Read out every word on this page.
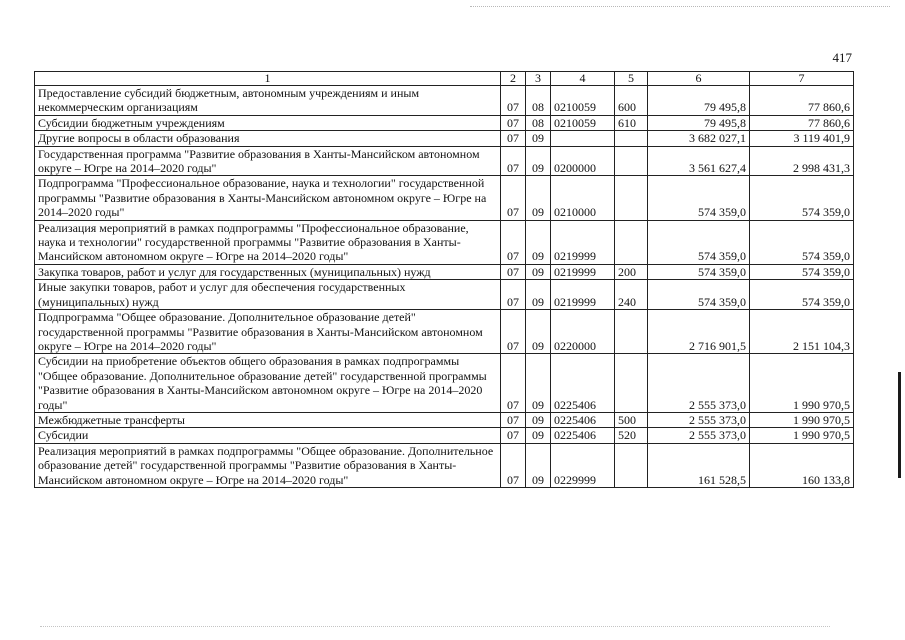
417
1	2	3	4	5	6	7
Предоставление субсидий бюджетным, автономным учреждениям и иным некоммерческим организациям	07	08	0210059	600	79 495,8	77 860,6
Субсидии бюджетным учреждениям	07	08	0210059	610	79 495,8	77 860,6
Другие вопросы в области образования	07	09			3 682 027,1	3 119 401,9
Государственная программа "Развитие образования в Ханты-Мансийском автономном округе – Югре на 2014–2020 годы"	07	09	0200000		3 561 627,4	2 998 431,3
Подпрограмма "Профессиональное образование, наука и технологии" государственной программы "Развитие образования в Ханты-Мансийском автономном округе – Югре на 2014–2020 годы"	07	09	0210000		574 359,0	574 359,0
Реализация мероприятий в рамках подпрограммы "Профессиональное образование, наука и технологии" государственной программы "Развитие образования в Ханты-Мансийском автономном округе – Югре на 2014–2020 годы"	07	09	0219999		574 359,0	574 359,0
Закупка товаров, работ и услуг для государственных (муниципальных) нужд	07	09	0219999	200	574 359,0	574 359,0
Иные закупки товаров, работ и услуг для обеспечения государственных (муниципальных) нужд	07	09	0219999	240	574 359,0	574 359,0
Подпрограмма "Общее образование. Дополнительное образование детей" государственной программы "Развитие образования в Ханты-Мансийском автономном округе – Югре на 2014–2020 годы"	07	09	0220000		2 716 901,5	2 151 104,3
Субсидии на приобретение объектов общего образования в рамках подпрограммы "Общее образование. Дополнительное образование детей" государственной программы "Развитие образования в Ханты-Мансийском автономном округе – Югре на 2014–2020 годы"	07	09	0225406		2 555 373,0	1 990 970,5
Межбюджетные трансферты	07	09	0225406	500	2 555 373,0	1 990 970,5
Субсидии	07	09	0225406	520	2 555 373,0	1 990 970,5
Реализация мероприятий в рамках подпрограммы "Общее образование. Дополнительное образование детей" государственной программы "Развитие образования в Ханты-Мансийском автономном округе – Югре на 2014–2020 годы"	07	09	0229999		161 528,5	160 133,8
